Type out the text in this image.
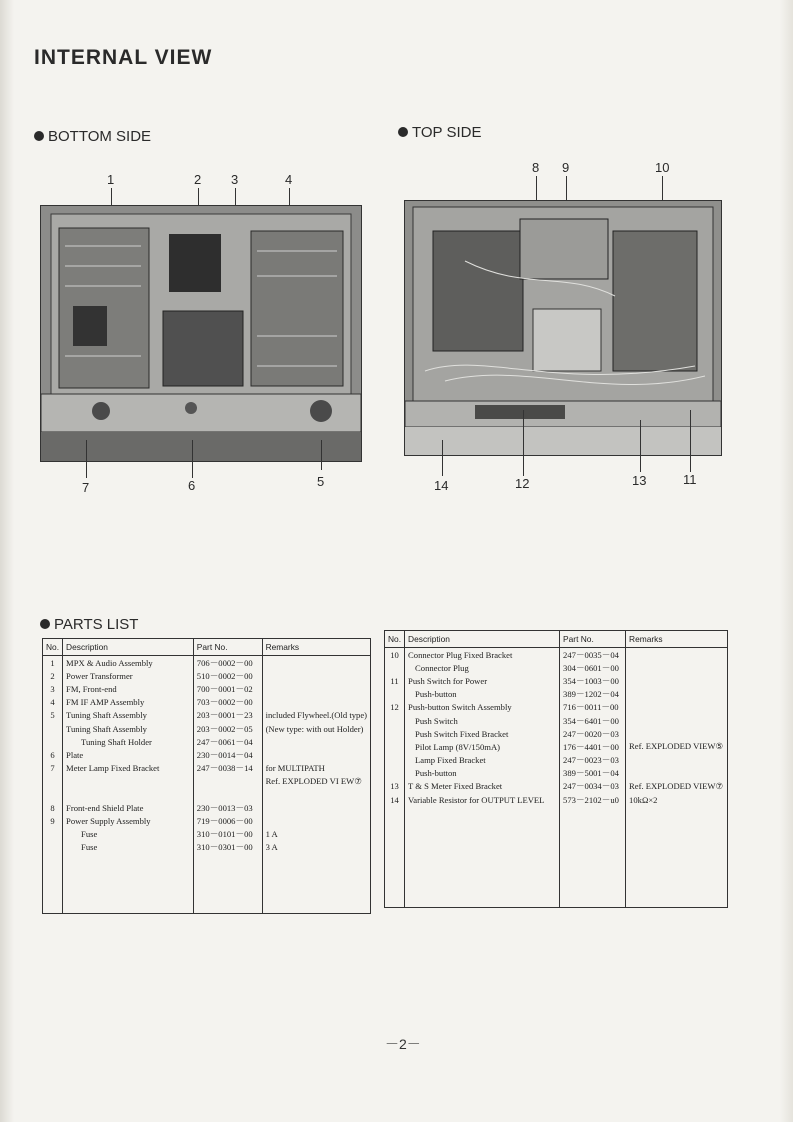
INTERNAL VIEW
BOTTOM SIDE
1	2 3	4
7	6	5
TOP SIDE
8 9	10
14	12	13	11
PARTS LIST
No.	Description	Part No.	Remarks
1	MPX & Audio Assembly	706－0002－00	
2	Power Transformer	510－0002－00	
3	FM, Front-end	700－0001－02	
4	FM IF AMP Assembly	703－0002－00	
5	Tuning Shaft Assembly	203－0001－23	included Flywheel.(Old type)
	Tuning Shaft Assembly	203－0002－05	(New type: with out Holder)
	Tuning Shaft Holder	247－0061－04	
6	Plate	230－0014－04	
7	Meter Lamp Fixed Bracket	247－0038－14	for MULTIPATH
			Ref. EXPLODED VI EW⑦

8	Front-end Shield Plate	230－0013－03	
9	Power Supply Assembly	719－0006－00	
	Fuse	310－0101－00	1 A
	Fuse	310－0301－00	3 A

No.	Description	Part No.	Remarks
10	Connector Plug Fixed Bracket	247－0035－04	
	Connector Plug	304－0601－00	
11	Push Switch for Power	354－1003－00	
	Push-button	389－1202－04	
12	Push-button Switch Assembly	716－0011－00	
	Push Switch	354－6401－00	
	Push Switch Fixed Bracket	247－0020－03	
	Pilot Lamp (8V/150mA)	176－4401－00	Ref. EXPLODED VIEW⑤
	Lamp Fixed Bracket	247－0023－03	
	Push-button	389－5001－04	
13	T & S Meter Fixed Bracket	247－0034－03	Ref. EXPLODED VIEW⑦
14	Variable Resistor for OUTPUT LEVEL	573－2102－u0	10kΩ×2

－2－
